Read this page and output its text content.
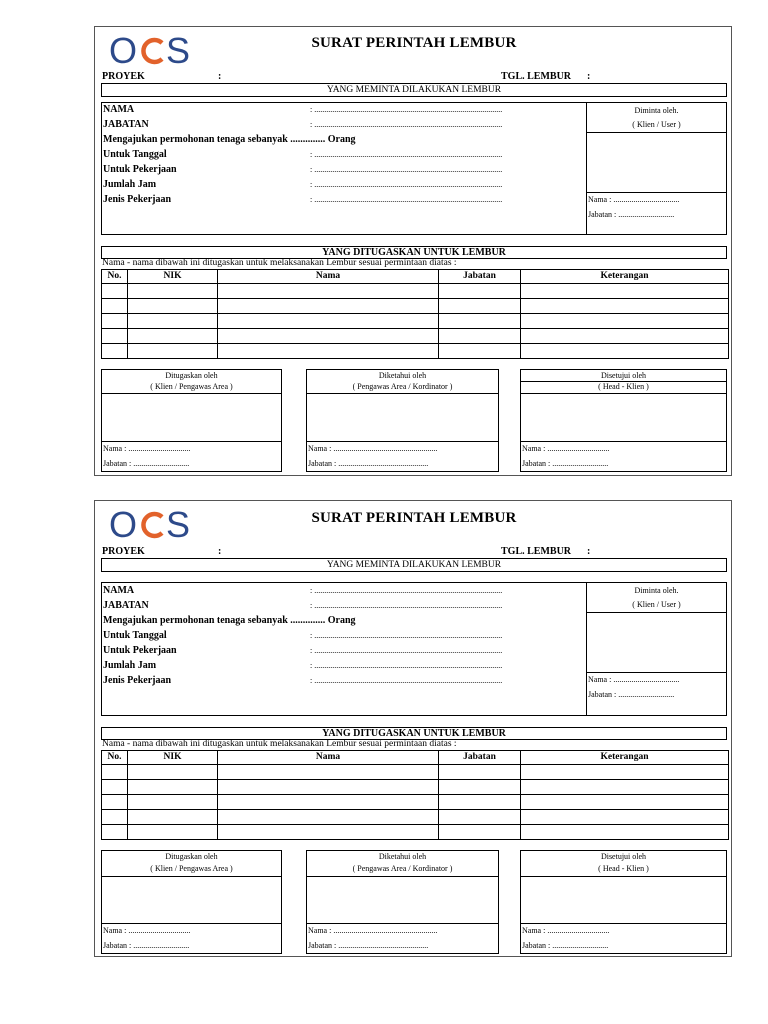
O S	SURAT PERINTAH LEMBUR
PROYEK	:	TGL. LEMBUR :
YANG MEMINTA DILAKUKAN LEMBUR
NAMA	: ..............................................................................................
JABATAN	: ..............................................................................................
Mengajukan permohonan tenaga sebanyak .............. Orang
Untuk Tanggal	: ..............................................................................................
Untuk Pekerjaan	: ..............................................................................................
Jumlah Jam	: ..............................................................................................
Jenis Pekerjaan	: ..............................................................................................
Diminta oleh.
( Klien / User )
Nama : .................................
Jabatan : ............................
YANG DITUGASKAN UNTUK LEMBUR
Nama - nama dibawah ini ditugaskan untuk melaksanakan Lembur sesuai permintaan diatas :
No.	NIK	Nama	Jabatan	Keterangan

Ditugaskan oleh
( Klien / Pengawas Area )
Nama : ...............................
Jabatan : ............................
Diketahui oleh
( Pengawas Area / Kordinator )
Nama : ....................................................
Jabatan : .............................................
Disetujui oleh
( Head - Klien )
Nama : ...............................
Jabatan : ............................
O S	SURAT PERINTAH LEMBUR
PROYEK	:	TGL. LEMBUR :
YANG MEMINTA DILAKUKAN LEMBUR
NAMA	: ..............................................................................................
JABATAN	: ..............................................................................................
Mengajukan permohonan tenaga sebanyak .............. Orang
Untuk Tanggal	: ..............................................................................................
Untuk Pekerjaan	: ..............................................................................................
Jumlah Jam	: ..............................................................................................
Jenis Pekerjaan	: ..............................................................................................
Diminta oleh.
( Klien / User )
Nama : .................................
Jabatan : ............................
YANG DITUGASKAN UNTUK LEMBUR
Nama - nama dibawah ini ditugaskan untuk melaksanakan Lembur sesuai permintaan diatas :
No.	NIK	Nama	Jabatan	Keterangan

Ditugaskan oleh
( Klien / Pengawas Area )
Nama : ...............................
Jabatan : ............................
Diketahui oleh
( Pengawas Area / Kordinator )
Nama : ....................................................
Jabatan : .............................................
Disetujui oleh
( Head - Klien )
Nama : ...............................
Jabatan : ............................
